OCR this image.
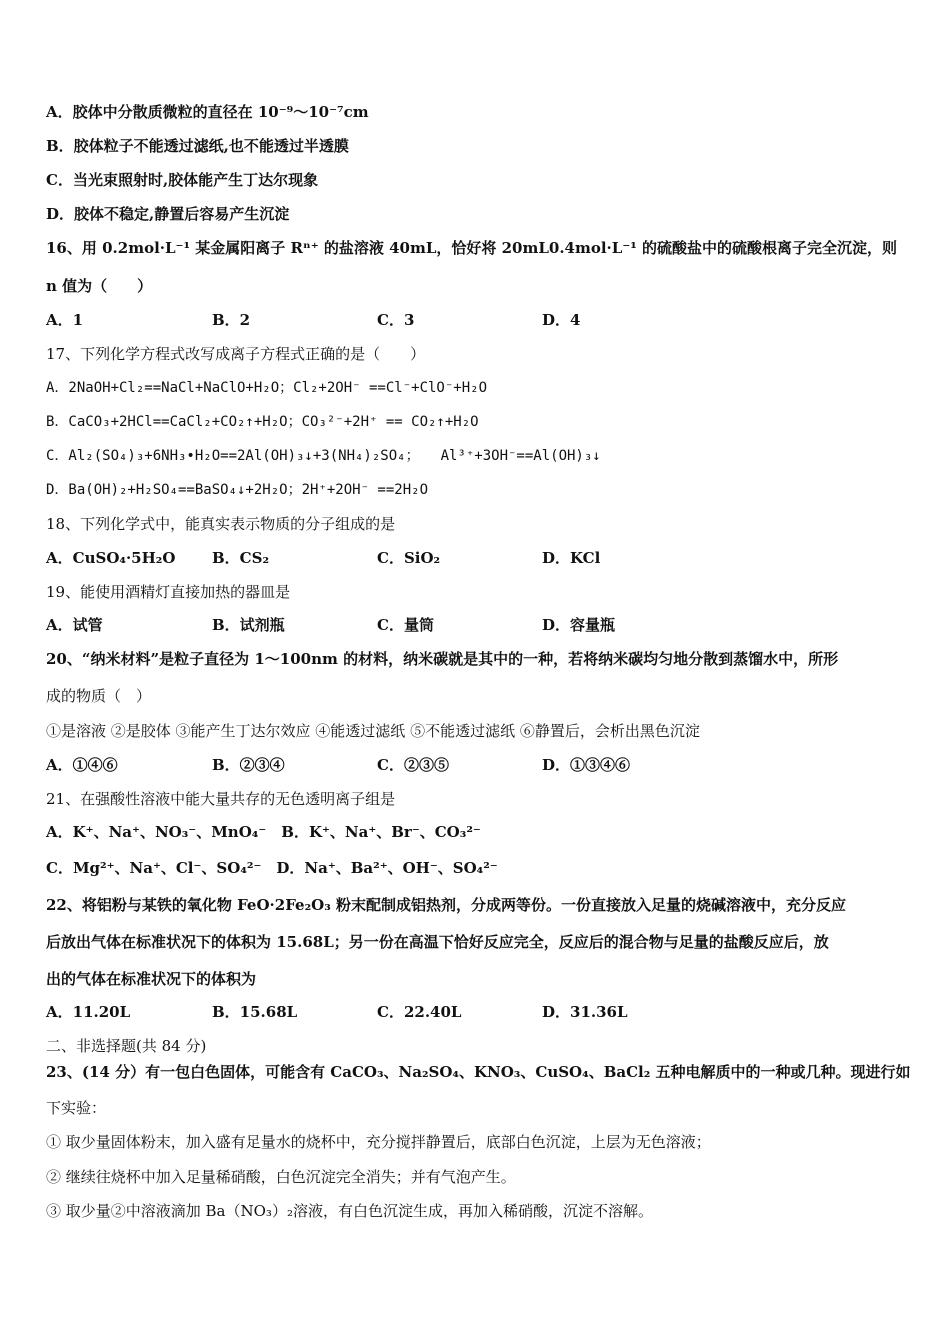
A．胶体中分散质微粒的直径在 10⁻⁹～10⁻⁷cm
B．胶体粒子不能透过滤纸,也不能透过半透膜
C．当光束照射时,胶体能产生丁达尔现象
D．胶体不稳定,静置后容易产生沉淀
16、用 0.2mol·L⁻¹ 某金属阳离子 Rⁿ⁺ 的盐溶液 40mL，恰好将 20mL0.4mol·L⁻¹ 的硫酸盐中的硫酸根离子完全沉淀，则
n 值为（　　）
A．1	B．2	C．3	D．4
17、下列化学方程式改写成离子方程式正确的是（　　）
A．2NaOH+Cl₂==NaCl+NaClO+H₂O；Cl₂+2OH⁻ ==Cl⁻+ClO⁻+H₂O
B．CaCO₃+2HCl==CaCl₂+CO₂↑+H₂O；CO₃²⁻+2H⁺ == CO₂↑+H₂O
C．Al₂(SO₄)₃+6NH₃•H₂O==2Al(OH)₃↓+3(NH₄)₂SO₄；　　Al³⁺+3OH⁻==Al(OH)₃↓
D．Ba(OH)₂+H₂SO₄==BaSO₄↓+2H₂O；2H⁺+2OH⁻ ==2H₂O
18、下列化学式中，能真实表示物质的分子组成的是
A．CuSO₄·5H₂O B．CS₂	C．SiO₂	D．KCl
19、能使用酒精灯直接加热的器皿是
A．试管	B．试剂瓶	C．量筒	D．容量瓶
20、“纳米材料”是粒子直径为 1～100nm 的材料，纳米碳就是其中的一种，若将纳米碳均匀地分散到蒸馏水中，所形
成的物质（　）
①是溶液 ②是胶体 ③能产生丁达尔效应 ④能透过滤纸 ⑤不能透过滤纸 ⑥静置后，会析出黑色沉淀
A．①④⑥	B．②③④	C．②③⑤	D．①③④⑥
21、在强酸性溶液中能大量共存的无色透明离子组是
A．K⁺、Na⁺、NO₃⁻、MnO₄⁻　B．K⁺、Na⁺、Br⁻、CO₃²⁻
C．Mg²⁺、Na⁺、Cl⁻、SO₄²⁻　D．Na⁺、Ba²⁺、OH⁻、SO₄²⁻
22、将铝粉与某铁的氧化物 FeO·2Fe₂O₃ 粉末配制成铝热剂，分成两等份。一份直接放入足量的烧碱溶液中，充分反应
后放出气体在标准状况下的体积为 15.68L；另一份在高温下恰好反应完全，反应后的混合物与足量的盐酸反应后，放
出的气体在标准状况下的体积为
A．11.20L	B．15.68L	C．22.40L	D．31.36L
二、非选择题(共 84 分)
23、(14 分）有一包白色固体，可能含有 CaCO₃、Na₂SO₄、KNO₃、CuSO₄、BaCl₂ 五种电解质中的一种或几种。现进行如
下实验：
① 取少量固体粉末，加入盛有足量水的烧杯中，充分搅拌静置后，底部白色沉淀，上层为无色溶液；
② 继续往烧杯中加入足量稀硝酸，白色沉淀完全消失；并有气泡产生。
③ 取少量②中溶液滴加 Ba（NO₃）₂溶液，有白色沉淀生成，再加入稀硝酸，沉淀不溶解。
